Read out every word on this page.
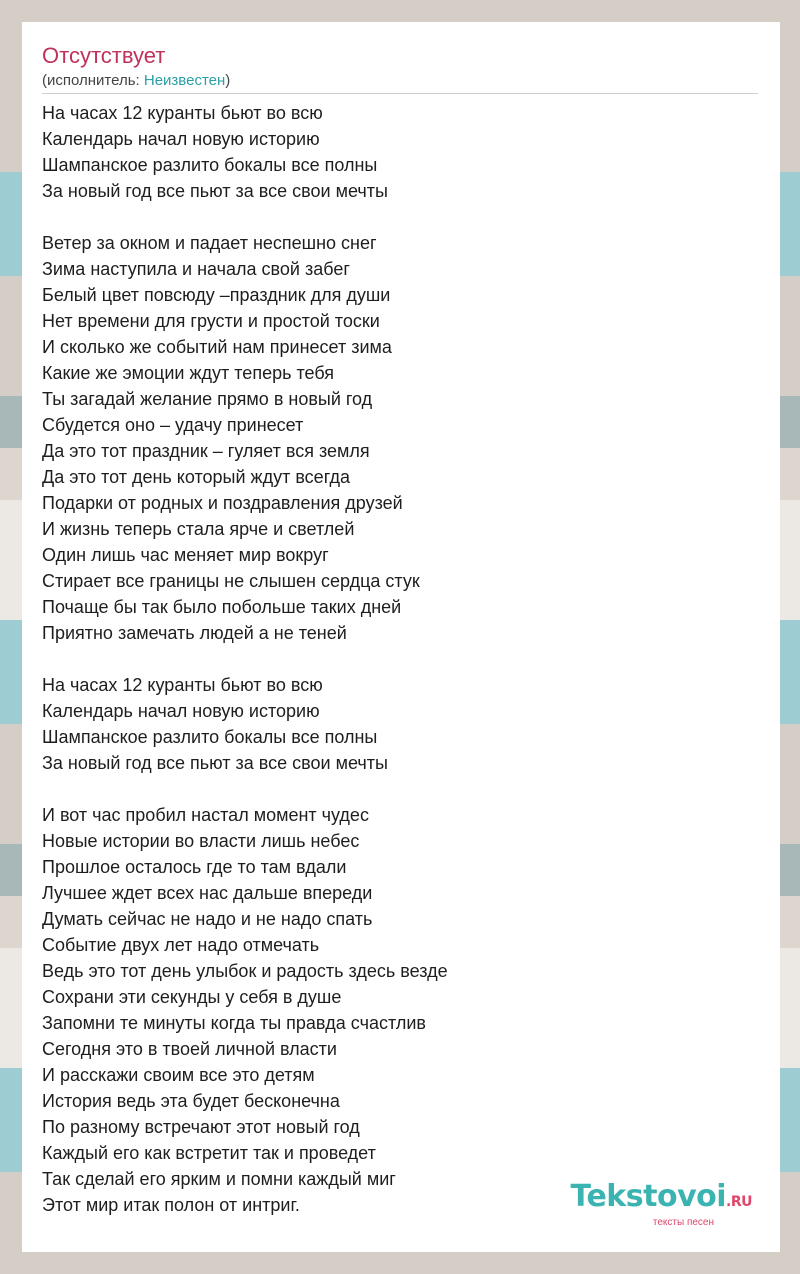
Отсутствует
(исполнитель: Неизвестен)
На часах 12 куранты бьют во всю
Календарь начал новую историю
Шампанское разлито бокалы все полны
За новый год все пьют за все свои мечты
Ветер за окном и падает неспешно снег
Зима наступила и начала свой забег
Белый цвет повсюду –праздник для души
Нет времени для грусти и простой тоски
И сколько же событий нам принесет зима
Какие же эмоции ждут теперь тебя
Ты загадай желание прямо в новый год
Сбудется оно – удачу принесет
Да это тот праздник – гуляет вся земля
Да это тот день который ждут всегда
Подарки от родных и поздравления друзей
И жизнь теперь стала ярче и светлей
Один лишь час меняет мир вокруг
Стирает все границы не слышен сердца стук
Почаще бы так было побольше таких дней
Приятно замечать людей а не теней
На часах 12 куранты бьют во всю
Календарь начал новую историю
Шампанское разлито бокалы все полны
За новый год все пьют за все свои мечты
И вот час пробил настал момент чудес
Новые истории во власти лишь небес
Прошлое осталось где то там вдали
Лучшее ждет всех нас дальше впереди
Думать сейчас не надо и не надо спать
Событие двух лет надо отмечать
Ведь это тот день улыбок и радость здесь везде
Сохрани эти секунды у себя в душе
Запомни те минуты когда ты правда счастлив
Сегодня это в твоей личной власти
И расскажи своим все это детям
История ведь эта будет бесконечна
По разному встречают этот новый год
Каждый его как встретит так и проведет
Так сделай его ярким и помни каждый миг
Этот мир итак полон от интриг.	Tekstovoi.RU
тексты песен
